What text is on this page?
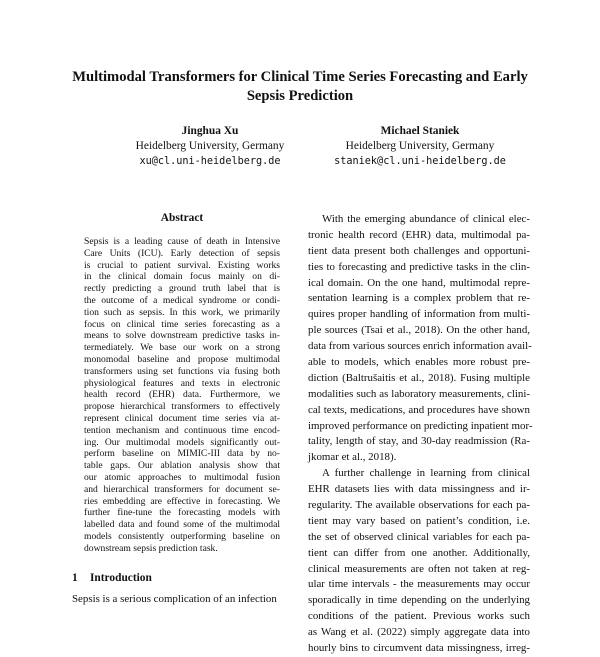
Multimodal Transformers for Clinical Time Series Forecasting and Early
Sepsis Prediction
Jinghua Xu
Heidelberg University, Germany
xu@cl.uni-heidelberg.de
Michael Staniek
Heidelberg University, Germany
staniek@cl.uni-heidelberg.de
Abstract
Sepsis is a leading cause of death in Intensive
Care Units (ICU). Early detection of sepsis
is crucial to patient survival. Existing works
in the clinical domain focus mainly on di-
rectly predicting a ground truth label that is
the outcome of a medical syndrome or condi-
tion such as sepsis. In this work, we primarily
focus on clinical time series forecasting as a
means to solve downstream predictive tasks in-
termediately. We base our work on a strong
monomodal baseline and propose multimodal
transformers using set functions via fusing both
physiological features and texts in electronic
health record (EHR) data. Furthermore, we
propose hierarchical transformers to effectively
represent clinical document time series via at-
tention mechanism and continuous time encod-
ing. Our multimodal models significantly out-
perform baseline on MIMIC-III data by no-
table gaps. Our ablation analysis show that
our atomic approaches to multimodal fusion
and hierarchical transformers for document se-
ries embedding are effective in forecasting. We
further fine-tune the forecasting models with
labelled data and found some of the multimodal
models consistently outperforming baseline on
downstream sepsis prediction task.
1 Introduction
Sepsis is a serious complication of an infection
With the emerging abundance of clinical elec-
tronic health record (EHR) data, multimodal pa-
tient data present both challenges and opportuni-
ties to forecasting and predictive tasks in the clin-
ical domain. On the one hand, multimodal repre-
sentation learning is a complex problem that re-
quires proper handling of information from multi-
ple sources (Tsai et al., 2018). On the other hand,
data from various sources enrich information avail-
able to models, which enables more robust pre-
diction (Baltrušaitis et al., 2018). Fusing multiple
modalities such as laboratory measurements, clini-
cal texts, medications, and procedures have shown
improved performance on predicting inpatient mor-
tality, length of stay, and 30-day readmission (Ra-
jkomar et al., 2018).
A further challenge in learning from clinical
EHR datasets lies with data missingness and ir-
regularity. The available observations for each pa-
tient may vary based on patient’s condition, i.e.
the set of observed clinical variables for each pa-
tient can differ from one another. Additionally,
clinical measurements are often not taken at reg-
ular time intervals - the measurements may occur
sporadically in time depending on the underlying
conditions of the patient. Previous works such
as Wang et al. (2022) simply aggregate data into
hourly bins to circumvent data missingness, irreg-
